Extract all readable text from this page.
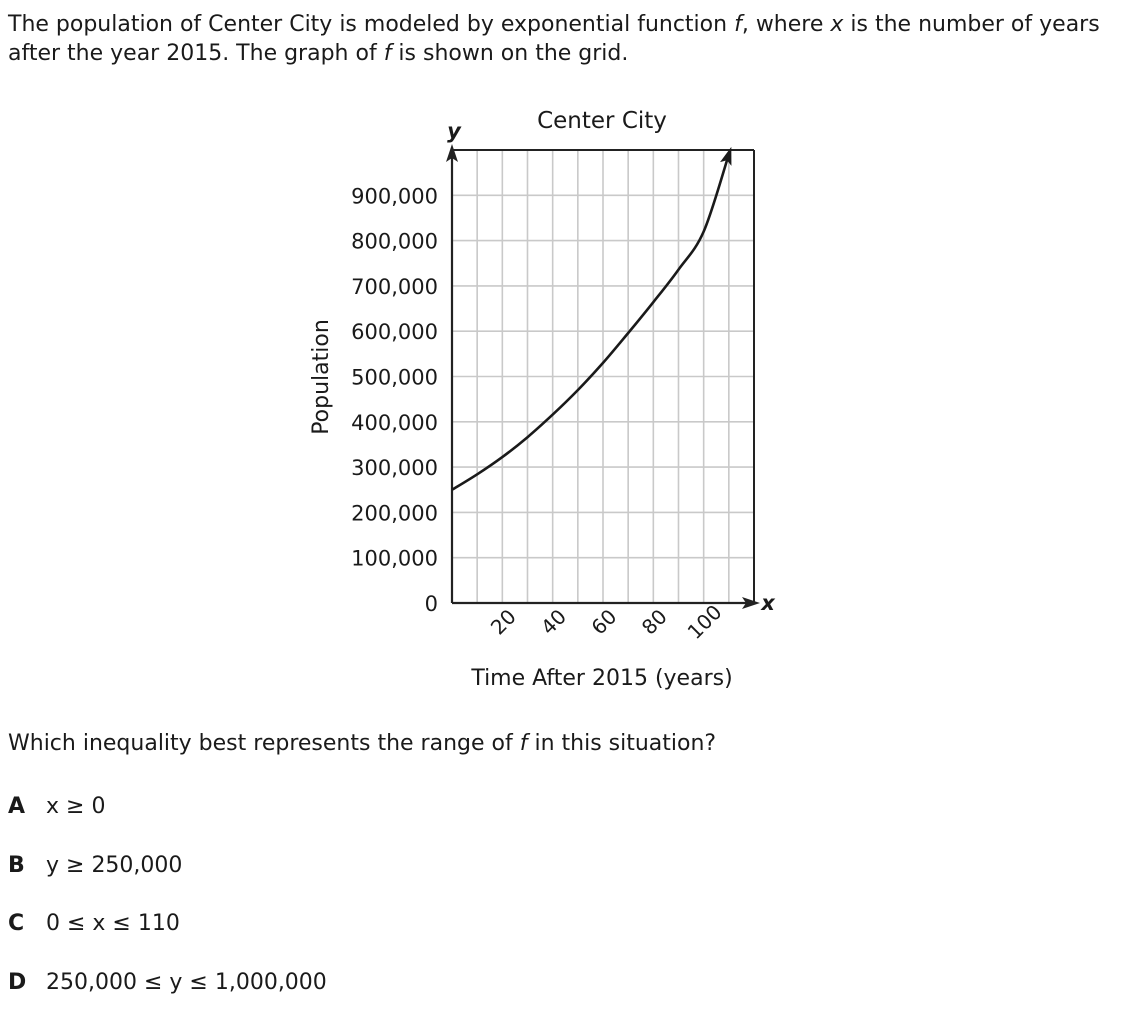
The population of Center City is modeled by exponential function f, where x is the number of years after the year 2015. The graph of f is shown on the grid.

0
100,000
200,000
300,000
400,000
500,000
600,000
700,000
800,000
900,000
20 40 60 80 100
Center City
Time After 2015 (years)
Population
y
x

Which inequality best represents the range of f in this situation?

A x ≥ 0
B y ≥ 250,000
C 0 ≤ x ≤ 110
D 250,000 ≤ y ≤ 1,000,000
